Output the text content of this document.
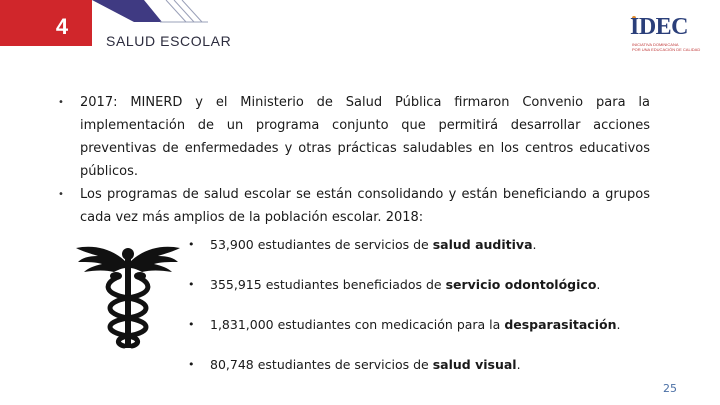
4
SALUD ESCOLAR
IDEC
INICIATIVA DOMINICANA
POR UNA EDUCACIÓN DE CALIDAD
• 2017: MINERD y el Ministerio de Salud Pública firmaron Convenio para la implementación de un programa conjunto que permitirá desarrollar acciones preventivas de enfermedades y otras prácticas saludables en los centros educativos públicos.
• Los programas de salud escolar se están consolidando y están beneficiando a grupos cada vez más amplios de la población escolar. 2018:
• 53,900 estudiantes de servicios de salud auditiva.
• 355,915 estudiantes beneficiados de servicio odontológico.
• 1,831,000 estudiantes con medicación para la desparasitación.
• 80,748 estudiantes de servicios de salud visual.
25
